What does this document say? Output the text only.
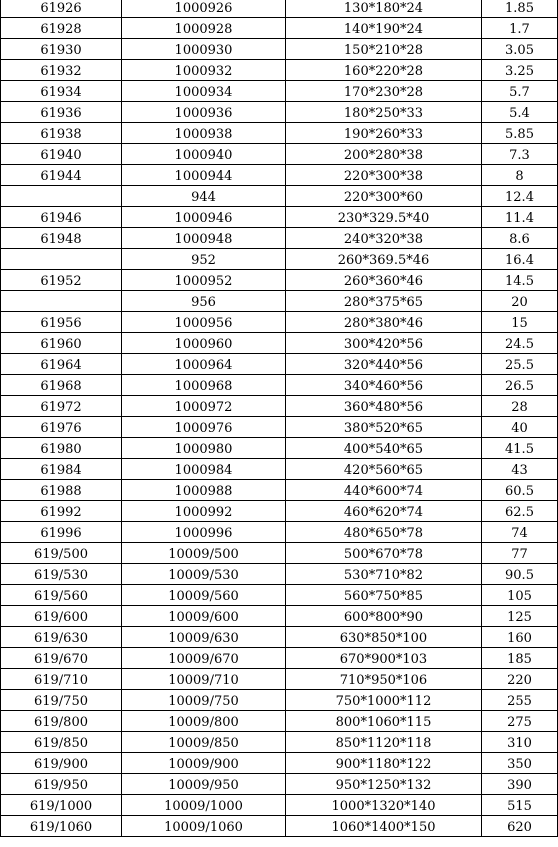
61926	1000926	130*180*24	1.85
61928	1000928	140*190*24	1.7
61930	1000930	150*210*28	3.05
61932	1000932	160*220*28	3.25
61934	1000934	170*230*28	5.7
61936	1000936	180*250*33	5.4
61938	1000938	190*260*33	5.85
61940	1000940	200*280*38	7.3
61944	1000944	220*300*38	8
	944	220*300*60	12.4
61946	1000946	230*329.5*40	11.4
61948	1000948	240*320*38	8.6
	952	260*369.5*46	16.4
61952	1000952	260*360*46	14.5
	956	280*375*65	20
61956	1000956	280*380*46	15
61960	1000960	300*420*56	24.5
61964	1000964	320*440*56	25.5
61968	1000968	340*460*56	26.5
61972	1000972	360*480*56	28
61976	1000976	380*520*65	40
61980	1000980	400*540*65	41.5
61984	1000984	420*560*65	43
61988	1000988	440*600*74	60.5
61992	1000992	460*620*74	62.5
61996	1000996	480*650*78	74
619/500	10009/500	500*670*78	77
619/530	10009/530	530*710*82	90.5
619/560	10009/560	560*750*85	105
619/600	10009/600	600*800*90	125
619/630	10009/630	630*850*100	160
619/670	10009/670	670*900*103	185
619/710	10009/710	710*950*106	220
619/750	10009/750	750*1000*112	255
619/800	10009/800	800*1060*115	275
619/850	10009/850	850*1120*118	310
619/900	10009/900	900*1180*122	350
619/950	10009/950	950*1250*132	390
619/1000	10009/1000	1000*1320*140	515
619/1060	10009/1060	1060*1400*150	620
